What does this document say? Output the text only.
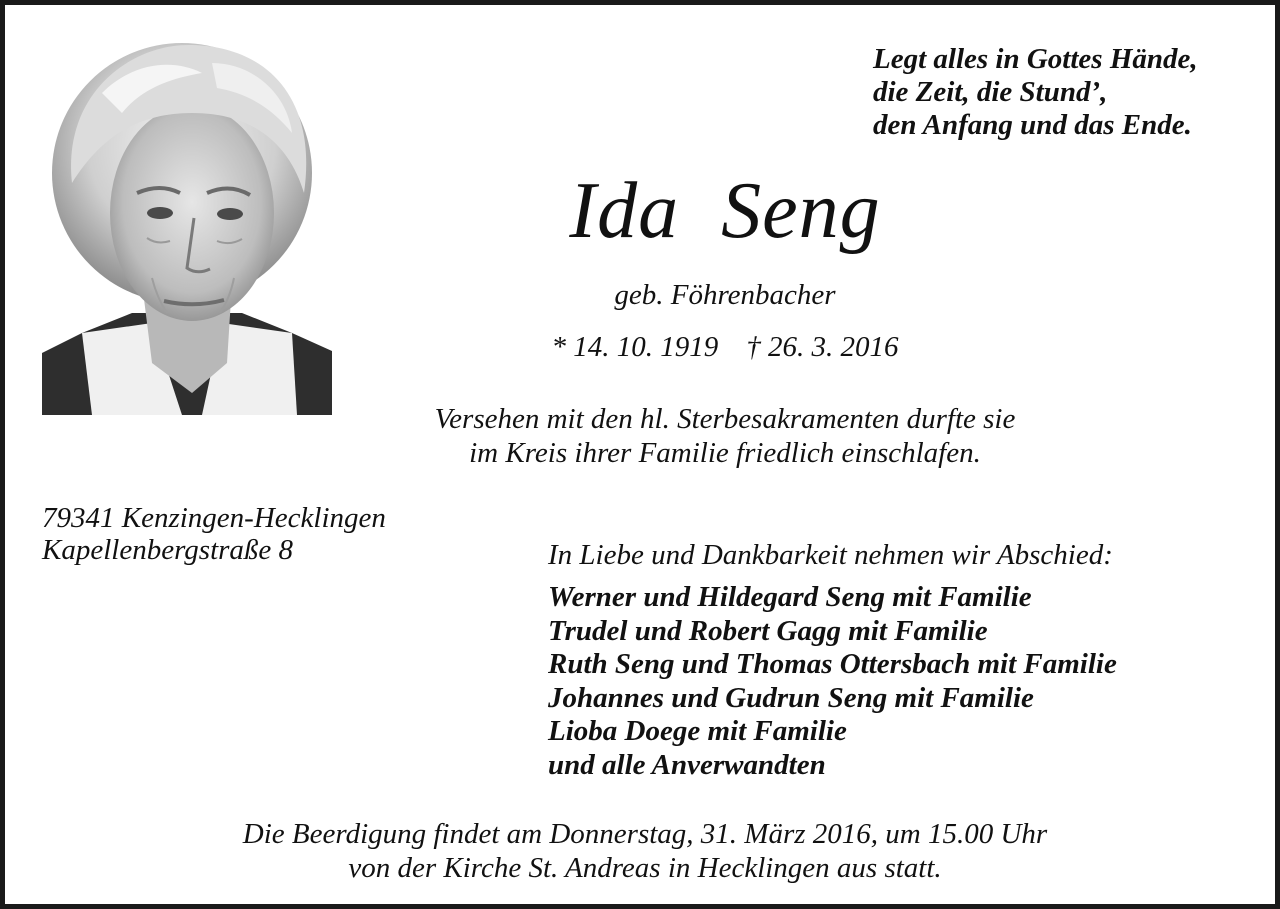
Legt alles in Gottes Hände,
die Zeit, die Stund’,
den Anfang und das Ende.
Ida  Seng
geb. Föhrenbacher
* 14. 10. 1919 † 26. 3. 2016
Versehen mit den hl. Sterbesakramenten durfte sie
im Kreis ihrer Familie friedlich einschlafen.
79341 Kenzingen-Hecklingen
Kapellenbergstraße 8	In Liebe und Dankbarkeit nehmen wir Abschied:
Werner und Hildegard Seng mit Familie
Trudel und Robert Gagg mit Familie
Ruth Seng und Thomas Ottersbach mit Familie
Johannes und Gudrun Seng mit Familie
Lioba Doege mit Familie
und alle Anverwandten
Die Beerdigung findet am Donnerstag, 31. März 2016, um 15.00 Uhr
von der Kirche St. Andreas in Hecklingen aus statt.
